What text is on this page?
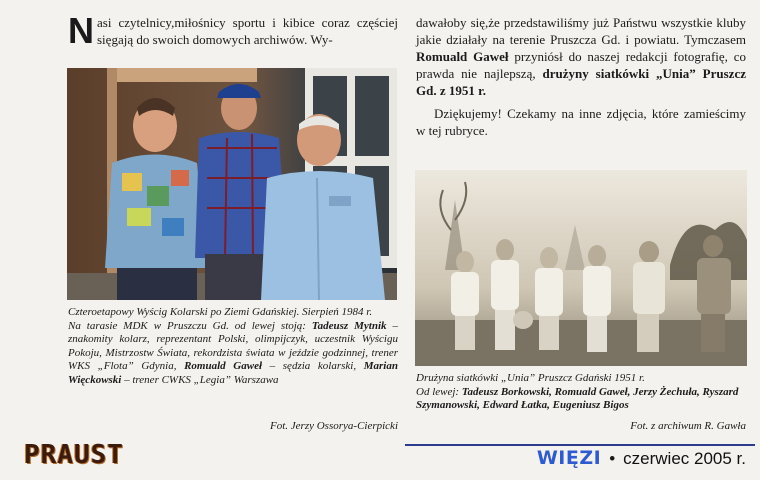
Nasi czytelnicy,miłośnicy sportu i kibice coraz częściej sięgają do swoich domowych archiwów. Wy-
Czteroetapowy Wyścig Kolarski po Ziemi Gdańskiej. Sierpień 1984 r.
Na tarasie MDK w Pruszczu Gd. od lewej stoją: Tadeusz Mytnik – znakomity kolarz, reprezentant Polski, olimpijczyk, uczestnik Wyścigu Pokoju, Mistrzostw Świata, rekordzista świata w jeździe godzinnej, trener WKS „Flota” Gdynia, Romuald Gaweł – sędzia kolarski, Marian Więckowski – trener CWKS „Legia” Warszawa
Fot. Jerzy Ossorya-Cierpicki

dawałoby się,że przedstawiliśmy już Państwu wszystkie kluby jakie działały na terenie Pruszcza Gd. i powiatu. Tymczasem Romuald Gaweł przyniósł do naszej redakcji fotografię, co prawda nie najlepszą, drużyny siatkówki „Unia” Pruszcz Gd. z 1951 r.

Dziękujemy! Czekamy na inne zdjęcia, które zamieścimy w tej rubryce.

Drużyna siatkówki „Unia” Pruszcz Gdański 1951 r.
Od lewej: Tadeusz Borkowski, Romuald Gaweł, Jerzy Żechuła, Ryszard Szymanowski, Edward Łatka, Eugeniusz Bigos
Fot. z archiwum R. Gawła
WIĘZI • czerwiec 2005 r.
PRAUST
